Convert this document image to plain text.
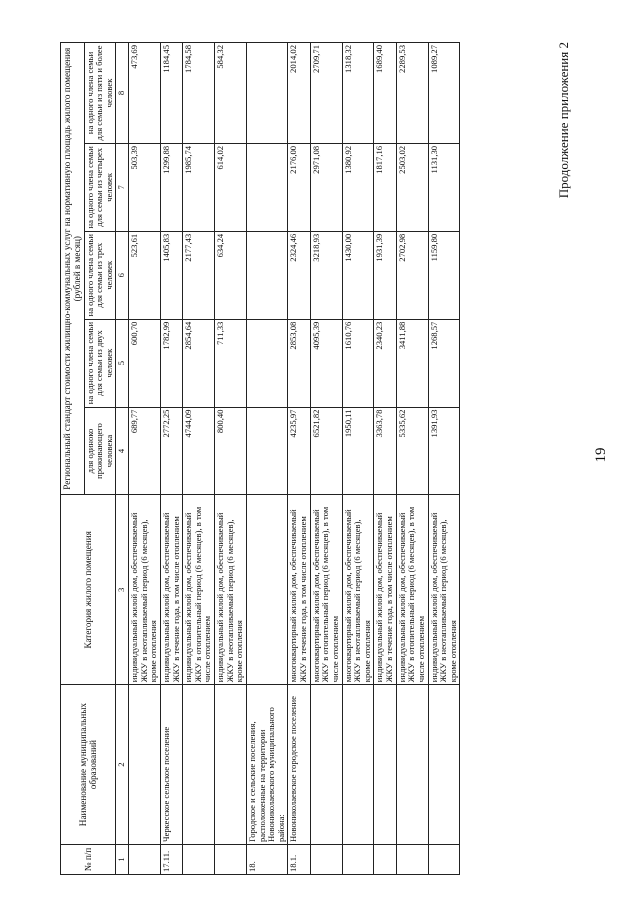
19
Продолжение приложения 2
№ п/п	Наименование муниципальных образований	Категория жилого помещения	Региональный стандарт стоимости жилищно-коммунальных услуг на нормативную площадь жилого помещения (рублей в месяц)				
			для одиноко проживающего человека	на одного члена семьи для семьи из двух человек	на одного члена семьи для семьи из трех человек	на одного члена семьи для семьи из четырех человек	на одного члена семьи для семьи из пяти и более человек
1	2	3	4	5	6	7	8
		индивидуальный жилой дом, обеспечиваемый ЖКУ в неотапливаемый период (6 месяцев), кроме отопления	689,77	600,70	523,61	503,39	473,69
17.11.	Черкесское сельское поселение	индивидуальный жилой дом, обеспечиваемый ЖКУ в течение года, в том числе отоплением	2772,25	1782,99	1405,83	1299,88	1184,45
		индивидуальный жилой дом, обеспечиваемый ЖКУ в отопительный период (6 месяцев), в том числе отоплением	4744,09	2854,64	2177,43	1985,74	1784,58
		индивидуальный жилой дом, обеспечиваемый ЖКУ в неотапливаемый период (6 месяцев), кроме отопления	800,40	711,33	634,24	614,02	584,32
18.	Городское и сельские поселения, расположенные на территории Новониколаевского муниципального района:						
18.1.	Новониколаевское городское поселение	многоквартирный жилой дом, обеспечиваемый ЖКУ в течение года, в том числе отоплением	4235,97	2853,08	2324,46	2176,00	2014,02
		многоквартирный жилой дом, обеспечиваемый ЖКУ в отопительный период (6 месяцев), в том числе отоплением	6521,82	4095,39	3218,93	2971,08	2709,71
		многоквартирный жилой дом, обеспечиваемый ЖКУ в неотапливаемый период (6 месяцев), кроме отопления	1950,11	1610,76	1430,00	1380,92	1318,32
		индивидуальный жилой дом, обеспечиваемый ЖКУ в течение года, в том числе отоплением	3363,78	2340,23	1931,39	1817,16	1689,40
		индивидуальный жилой дом, обеспечиваемый ЖКУ в отопительный период (6 месяцев), в том числе отоплением	5335,62	3411,88	2702,98	2503,02	2289,53
		индивидуальный жилой дом, обеспечиваемый ЖКУ в неотапливаемый период (6 месяцев), кроме отопления	1391,93	1268,57	1159,80	1131,30	1089,27
